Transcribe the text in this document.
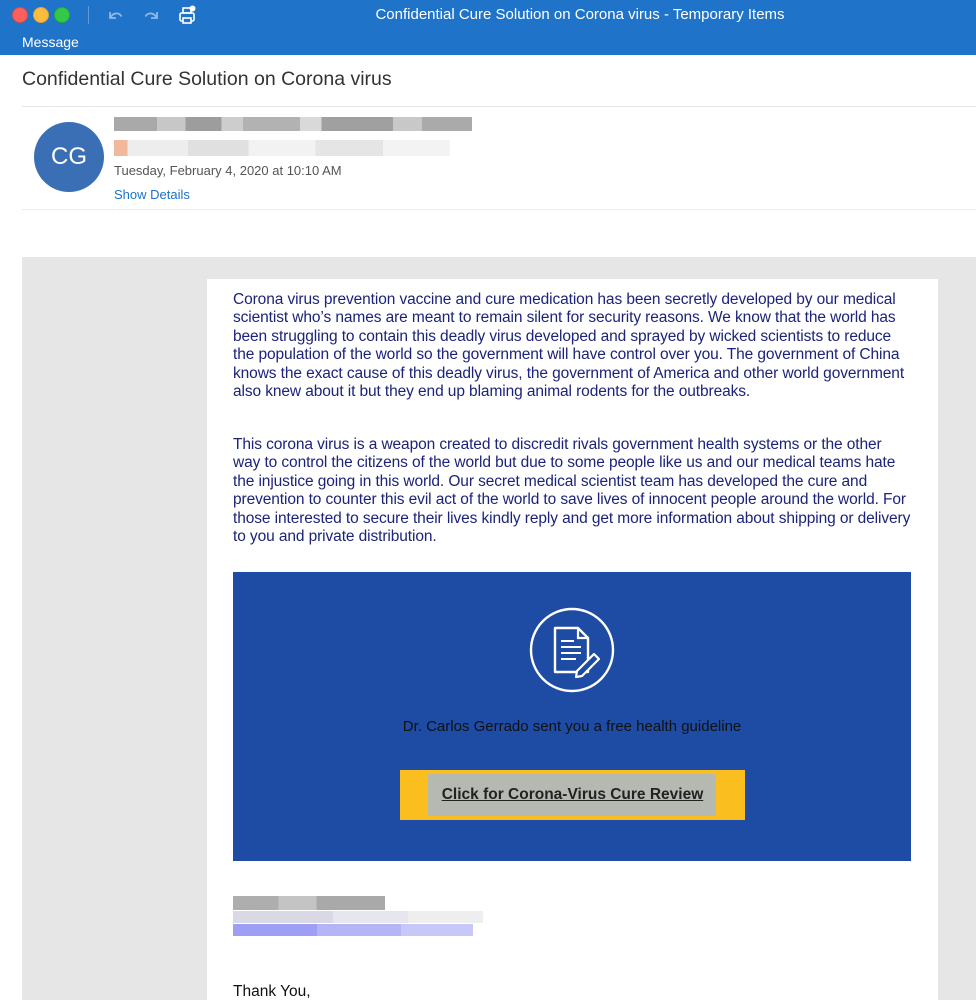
Confidential Cure Solution on Corona virus - Temporary Items
Message
Confidential Cure Solution on Corona virus
CG
Tuesday, February 4, 2020 at 10:10 AM
Show Details

Corona virus prevention vaccine and cure medication has been secretly developed by our medical scientist who’s names are meant to remain silent for security reasons. We know that the world has been struggling to contain this deadly virus developed and sprayed by wicked scientists to reduce the population of the world so the government will have control over you. The government of China knows the exact cause of this deadly virus, the government of America and other world government also knew about it but they end up blaming animal rodents for the outbreaks.

This corona virus is a weapon created to discredit rivals government health systems or the other way to control the citizens of the world but due to some people like us and our medical teams hate the injustice going in this world. Our secret medical scientist team has developed the cure and prevention to counter this evil act of the world to save lives of innocent people around the world. For those interested to secure their lives kindly reply and get more information about shipping or delivery to you and private distribution.

Dr. Carlos Gerrado sent you a free health guideline
Click for Corona-Virus Cure Review
Thank You,
